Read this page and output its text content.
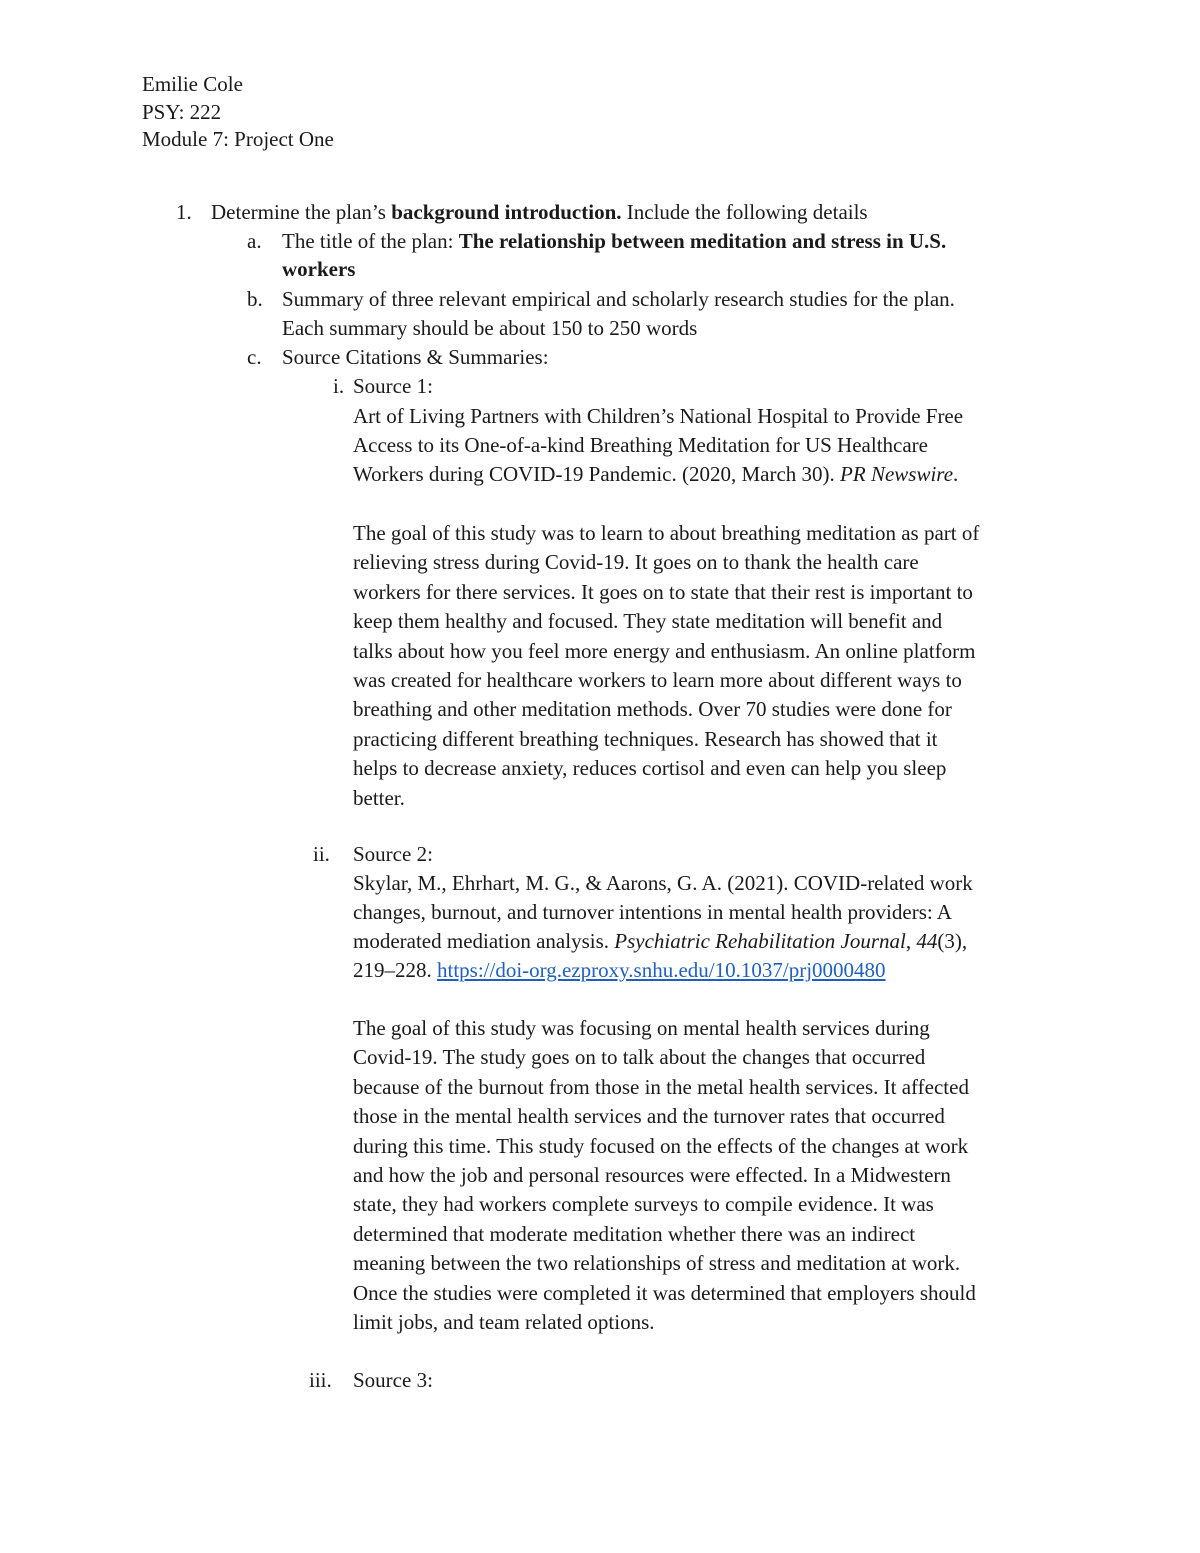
Emilie Cole
PSY: 222
Module 7: Project One
1. Determine the plan’s background introduction. Include the following details
a. The title of the plan: The relationship between meditation and stress in U.S.
workers
b. Summary of three relevant empirical and scholarly research studies for the plan.
Each summary should be about 150 to 250 words
c. Source Citations & Summaries:
i. Source 1:
Art of Living Partners with Children’s National Hospital to Provide Free
Access to its One-of-a-kind Breathing Meditation for US Healthcare
Workers during COVID-19 Pandemic. (2020, March 30). PR Newswire.
The goal of this study was to learn to about breathing meditation as part of
relieving stress during Covid-19. It goes on to thank the health care
workers for there services. It goes on to state that their rest is important to
keep them healthy and focused. They state meditation will benefit and
talks about how you feel more energy and enthusiasm. An online platform
was created for healthcare workers to learn more about different ways to
breathing and other meditation methods. Over 70 studies were done for
practicing different breathing techniques. Research has showed that it
helps to decrease anxiety, reduces cortisol and even can help you sleep
better.
ii. Source 2:
Skylar, M., Ehrhart, M. G., & Aarons, G. A. (2021). COVID-related work
changes, burnout, and turnover intentions in mental health providers: A
moderated mediation analysis. Psychiatric Rehabilitation Journal, 44(3),
219–228. https://doi-org.ezproxy.snhu.edu/10.1037/prj0000480
The goal of this study was focusing on mental health services during
Covid-19. The study goes on to talk about the changes that occurred
because of the burnout from those in the metal health services. It affected
those in the mental health services and the turnover rates that occurred
during this time. This study focused on the effects of the changes at work
and how the job and personal resources were effected. In a Midwestern
state, they had workers complete surveys to compile evidence. It was
determined that moderate meditation whether there was an indirect
meaning between the two relationships of stress and meditation at work.
Once the studies were completed it was determined that employers should
limit jobs, and team related options.
iii. Source 3:
